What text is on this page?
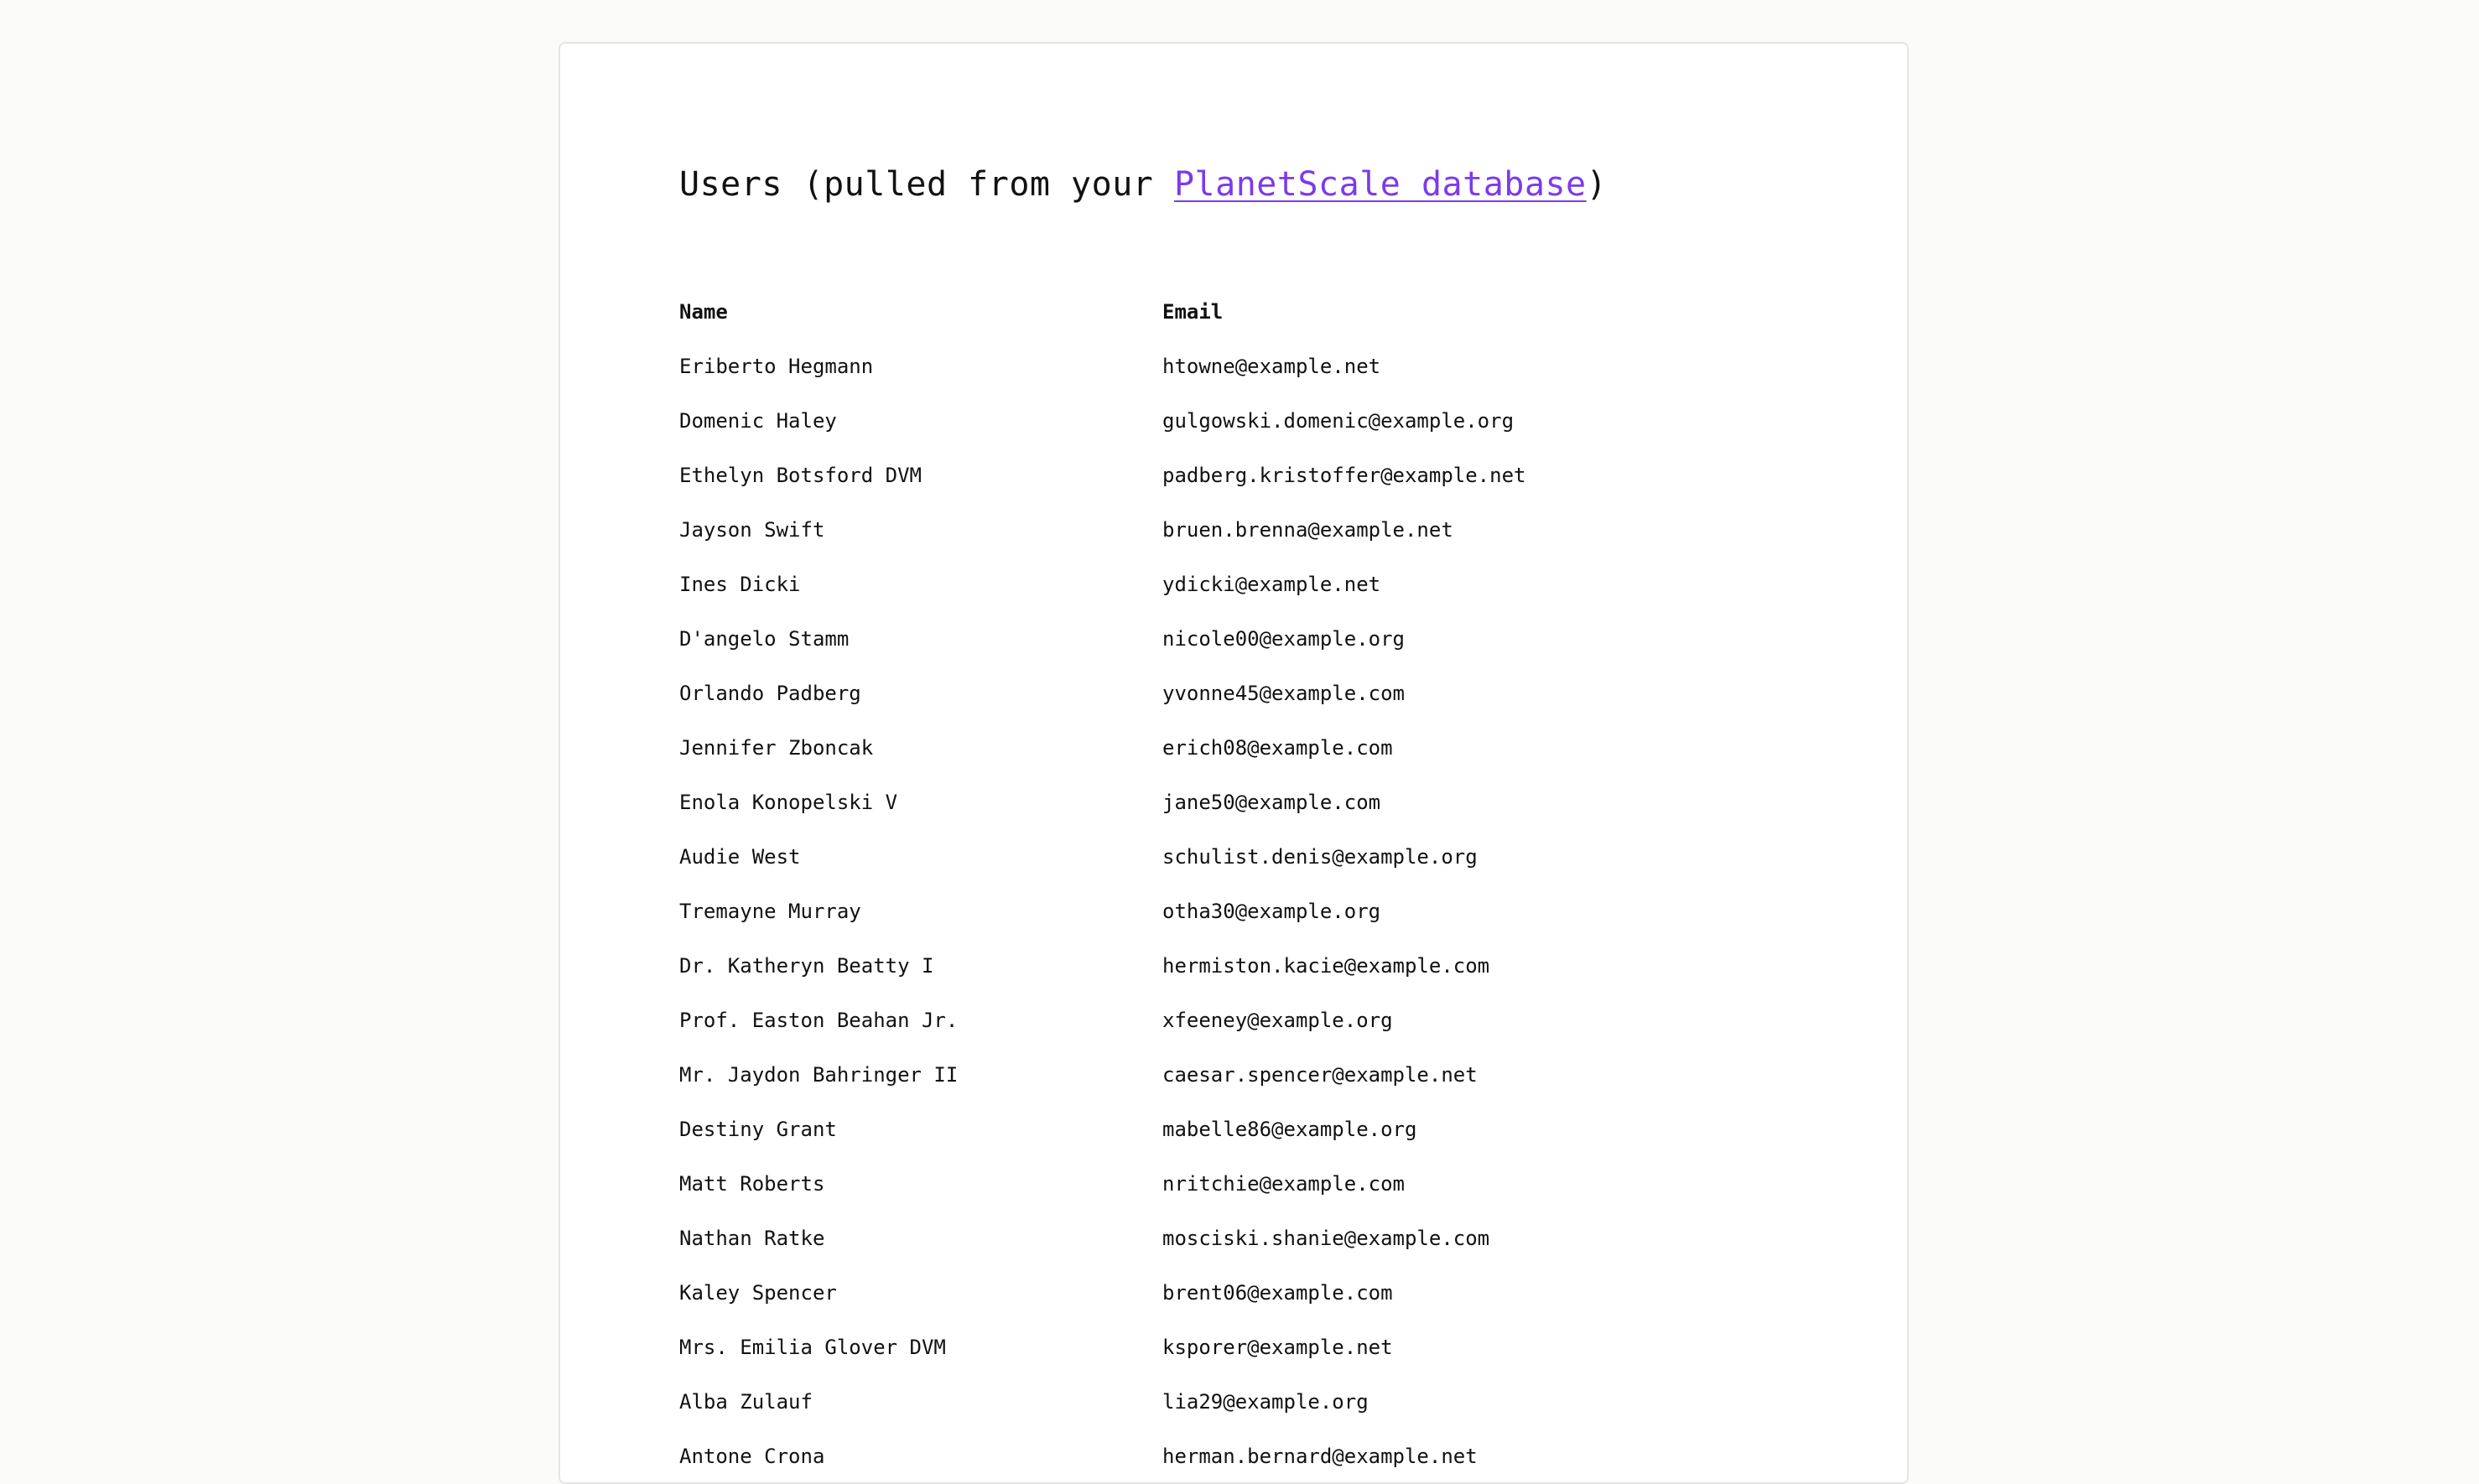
Users (pulled from your PlanetScale database)
Name	Email
Eriberto Hegmann	htowne@example.net
Domenic Haley	gulgowski.domenic@example.org
Ethelyn Botsford DVM	padberg.kristoffer@example.net
Jayson Swift	bruen.brenna@example.net
Ines Dicki	ydicki@example.net
D'angelo Stamm	nicole00@example.org
Orlando Padberg	yvonne45@example.com
Jennifer Zboncak	erich08@example.com
Enola Konopelski V	jane50@example.com
Audie West	schulist.denis@example.org
Tremayne Murray	otha30@example.org
Dr. Katheryn Beatty I	hermiston.kacie@example.com
Prof. Easton Beahan Jr.	xfeeney@example.org
Mr. Jaydon Bahringer II	caesar.spencer@example.net
Destiny Grant	mabelle86@example.org
Matt Roberts	nritchie@example.com
Nathan Ratke	mosciski.shanie@example.com
Kaley Spencer	brent06@example.com
Mrs. Emilia Glover DVM	ksporer@example.net
Alba Zulauf	lia29@example.org
Antone Crona	herman.bernard@example.net
